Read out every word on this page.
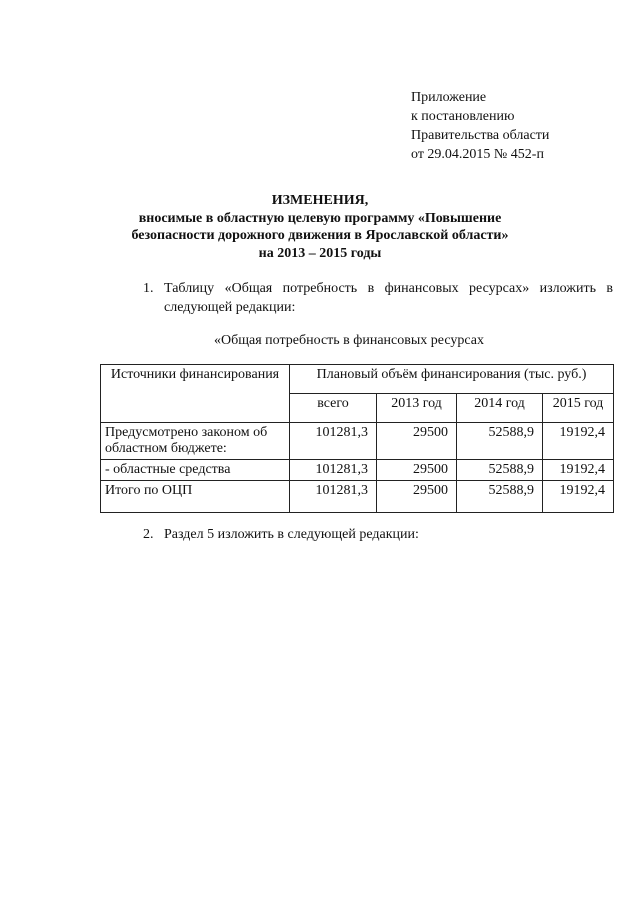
Приложение
к постановлению
Правительства области
от 29.04.2015 № 452-п
ИЗМЕНЕНИЯ,
вносимые в областную целевую программу «Повышение
безопасности дорожного движения в Ярославской области»
на 2013 – 2015 годы
1. Таблицу «Общая потребность в финансовых ресурсах» изложить в следующей редакции:
«Общая потребность в финансовых ресурсах
Источники финансирования	Плановый объём финансирования (тыс. руб.)			
	всего	2013 год	2014 год	2015 год
Предусмотрено законом об областном бюджете:	101281,3	29500	52588,9	19192,4
- областные средства	101281,3	29500	52588,9	19192,4
Итого по ОЦП	101281,3	29500	52588,9	19192,4
2. Раздел 5 изложить в следующей редакции:
